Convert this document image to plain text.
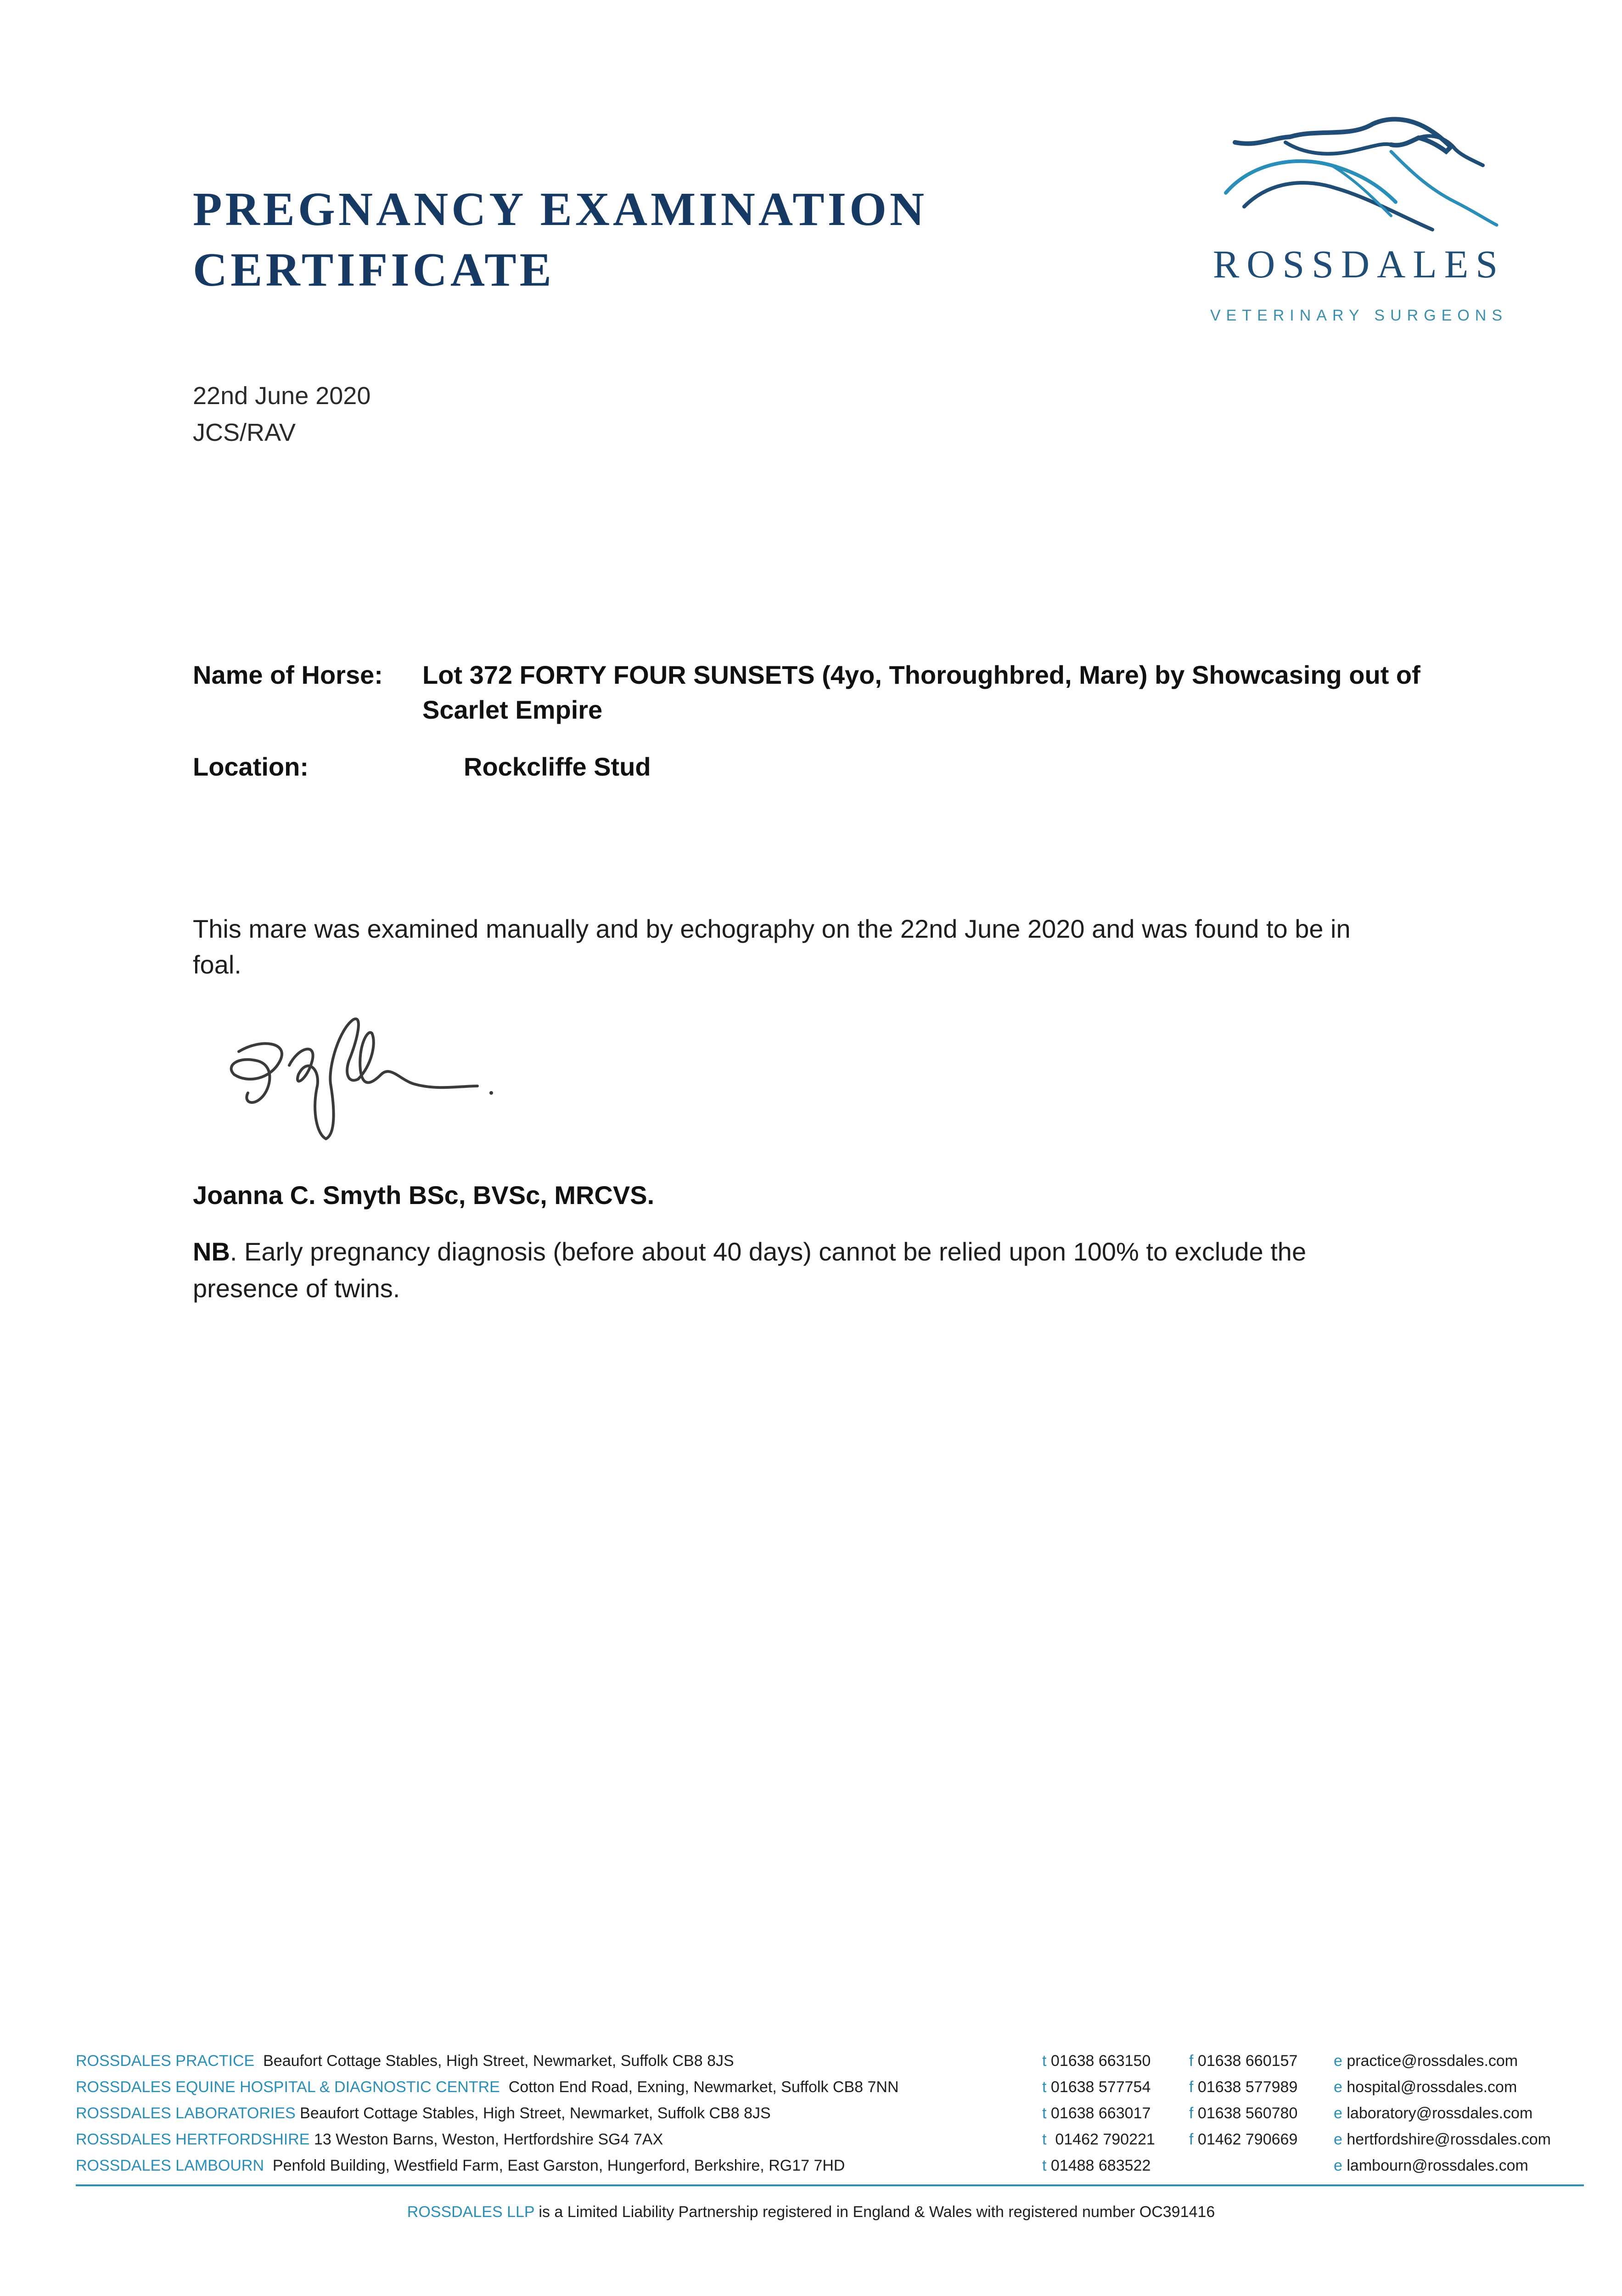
PREGNANCY EXAMINATION
CERTIFICATE	ROSSDALES
VETERINARY SURGEONS
22nd June 2020
JCS/RAV
Name of Horse: Lot 372 FORTY FOUR SUNSETS (4yo, Thoroughbred, Mare) by Showcasing out of
Scarlet Empire
Location:	Rockcliffe Stud
This mare was examined manually and by echography on the 22nd June 2020 and was found to be in
foal.
Joanna C. Smyth BSc, BVSc, MRCVS.
NB. Early pregnancy diagnosis (before about 40 days) cannot be relied upon 100% to exclude the
presence of twins.
ROSSDALES PRACTICE Beaufort Cottage Stables, High Street, Newmarket, Suffolk CB8 8JS	t 01638 663150 f 01638 660157 e practice@rossdales.com
ROSSDALES EQUINE HOSPITAL & DIAGNOSTIC CENTRE Cotton End Road, Exning, Newmarket, Suffolk CB8 7NN	t 01638 577754 f 01638 577989 e hospital@rossdales.com
ROSSDALES LABORATORIES Beaufort Cottage Stables, High Street, Newmarket, Suffolk CB8 8JS	t 01638 663017 f 01638 560780 e laboratory@rossdales.com
ROSSDALES HERTFORDSHIRE 13 Weston Barns, Weston, Hertfordshire SG4 7AX	t 01462 790221 f 01462 790669 e hertfordshire@rossdales.com
ROSSDALES LAMBOURN Penfold Building, Westfield Farm, East Garston, Hungerford, Berkshire, RG17 7HD	t 01488 683522	e lambourn@rossdales.com
ROSSDALES LLP is a Limited Liability Partnership registered in England & Wales with registered number OC391416
